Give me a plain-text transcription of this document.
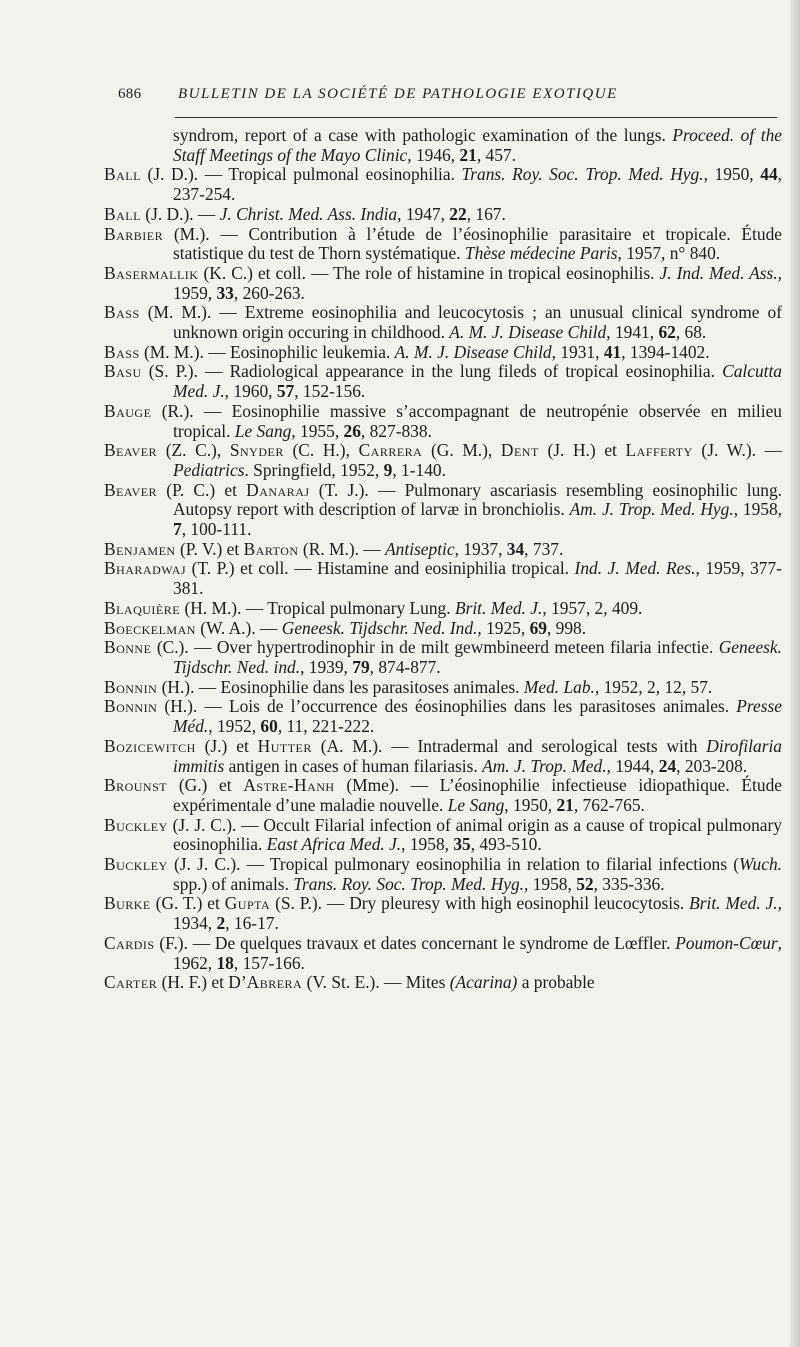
686 BULLETIN DE LA SOCIÉTÉ DE PATHOLOGIE EXOTIQUE
syndrom, report of a case with pathologic examination of the lungs. Proceed. of the Staff Meetings of the Mayo Clinic, 1946, 21, 457.
Ball (J. D.). — Tropical pulmonal eosinophilia. Trans. Roy. Soc. Trop. Med. Hyg., 1950, 44, 237-254.
Ball (J. D.). — J. Christ. Med. Ass. India, 1947, 22, 167.
Barbier (M.). — Contribution à l’étude de l’éosinophilie parasitaire et tropicale. Étude statistique du test de Thorn systématique. Thèse médecine Paris, 1957, n° 840.
Basermallik (K. C.) et coll. — The role of histamine in tropical eosinophilis. J. Ind. Med. Ass., 1959, 33, 260-263.
Bass (M. M.). — Extreme eosinophilia and leucocytosis ; an unusual clinical syndrome of unknown origin occuring in childhood. A. M. J. Disease Child, 1941, 62, 68.
Bass (M. M.). — Eosinophilic leukemia. A. M. J. Disease Child, 1931, 41, 1394-1402.
Basu (S. P.). — Radiological appearance in the lung fileds of tropical eosinophilia. Calcutta Med. J., 1960, 57, 152-156.
Bauge (R.). — Eosinophilie massive s’accompagnant de neutropénie observée en milieu tropical. Le Sang, 1955, 26, 827-838.
Beaver (Z. C.), Snyder (C. H.), Carrera (G. M.), Dent (J. H.) et Lafferty (J. W.). — Pediatrics. Springfield, 1952, 9, 1-140.
Beaver (P. C.) et Danaraj (T. J.). — Pulmonary ascariasis resembling eosinophilic lung. Autopsy report with description of larvæ in bronchiolis. Am. J. Trop. Med. Hyg., 1958, 7, 100-111.
Benjamen (P. V.) et Barton (R. M.). — Antiseptic, 1937, 34, 737.
Bharadwaj (T. P.) et coll. — Histamine and eosiniphilia tropical. Ind. J. Med. Res., 1959, 377-381.
Blaquière (H. M.). — Tropical pulmonary Lung. Brit. Med. J., 1957, 2, 409.
Boeckelman (W. A.). — Geneesk. Tijdschr. Ned. Ind., 1925, 69, 998.
Bonne (C.). — Over hypertrodinophir in de milt gewmbineerd meteen filaria infectie. Geneesk. Tijdschr. Ned. ind., 1939, 79, 874-877.
Bonnin (H.). — Eosinophilie dans les parasitoses animales. Med. Lab., 1952, 2, 12, 57.
Bonnin (H.). — Lois de l’occurrence des éosinophilies dans les parasitoses animales. Presse Méd., 1952, 60, 11, 221-222.
Bozicewitch (J.) et Hutter (A. M.). — Intradermal and serological tests with Dirofilaria immitis antigen in cases of human filariasis. Am. J. Trop. Med., 1944, 24, 203-208.
Brounst (G.) et Astre-Hanh (Mme). — L’éosinophilie infectieuse idiopathique. Étude expérimentale d’une maladie nouvelle. Le Sang, 1950, 21, 762-765.
Buckley (J. J. C.). — Occult Filarial infection of animal origin as a cause of tropical pulmonary eosinophilia. East Africa Med. J., 1958, 35, 493-510.
Buckley (J. J. C.). — Tropical pulmonary eosinophilia in relation to filarial infections (Wuch. spp.) of animals. Trans. Roy. Soc. Trop. Med. Hyg., 1958, 52, 335-336.
Burke (G. T.) et Gupta (S. P.). — Dry pleuresy with high eosinophil leucocytosis. Brit. Med. J., 1934, 2, 16-17.
Cardis (F.). — De quelques travaux et dates concernant le syndrome de Lœffler. Poumon-Cœur, 1962, 18, 157-166.
Carter (H. F.) et D’Abrera (V. St. E.). — Mites (Acarina) a probable
